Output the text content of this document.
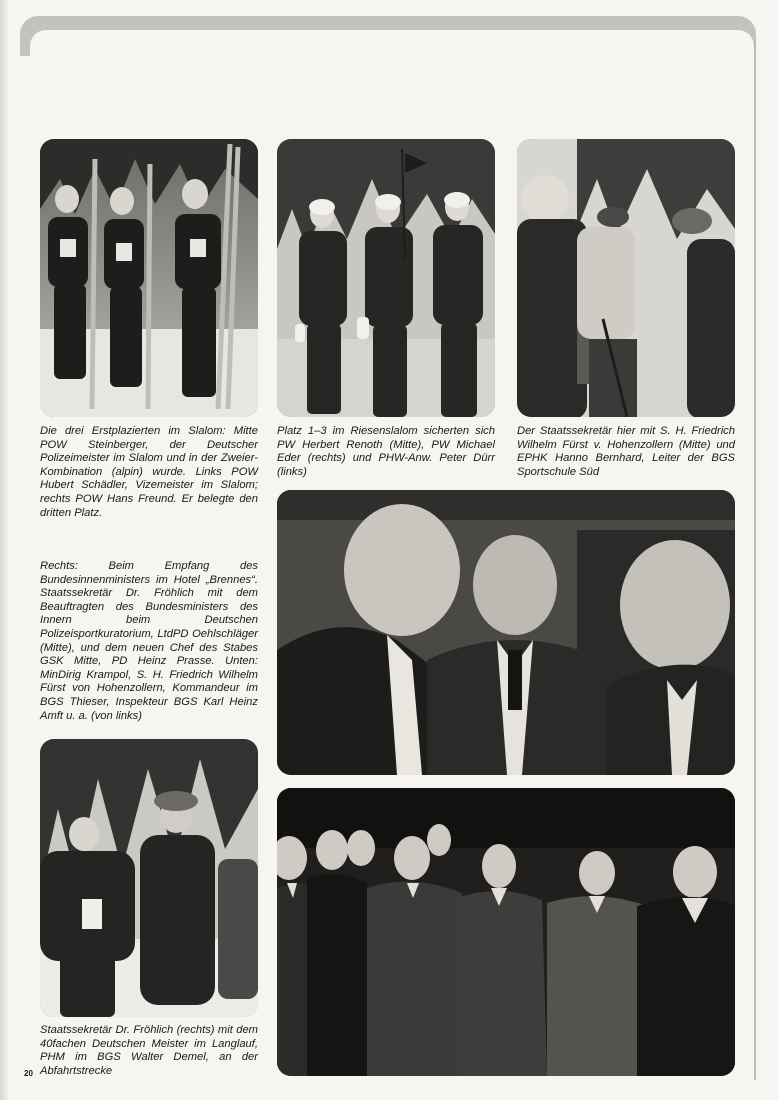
Die drei Erstplazierten im Slalom: Mitte POW Steinberger, der Deutscher Polizeimeister im Slalom und in der Zweier-Kombination (alpin) wurde. Links POW Hubert Schädler, Vizemeister im Slalom; rechts POW Hans Freund. Er belegte den dritten Platz.

Platz 1–3 im Riesenslalom sicherten sich PW Herbert Renoth (Mitte), PW Michael Eder (rechts) und PHW-Anw. Peter Dürr (links)

Der Staatssekretär hier mit S. H. Friedrich Wilhelm Fürst v. Hohenzollern (Mitte) und EPHK Hanno Bernhard, Leiter der BGS Sportschule Süd

Rechts: Beim Empfang des Bundesinnenministers im Hotel „Brennes“. Staatssekretär Dr. Fröhlich mit dem Beauftragten des Bundesministers des Innern beim Deutschen Polizeisportkuratorium, LtdPD Oehlschläger (Mitte), und dem neuen Chef des Stabes GSK Mitte, PD Heinz Prasse. Unten: MinDirig Krampol, S. H. Friedrich Wilhelm Fürst von Hohenzollern, Kommandeur im BGS Thieser, Inspekteur BGS Karl Heinz Amft u. a. (von links)

Staatssekretär Dr. Fröhlich (rechts) mit dem 40fachen Deutschen Meister im Langlauf, PHM im BGS Walter Demel, an der Abfahrtstrecke

20
